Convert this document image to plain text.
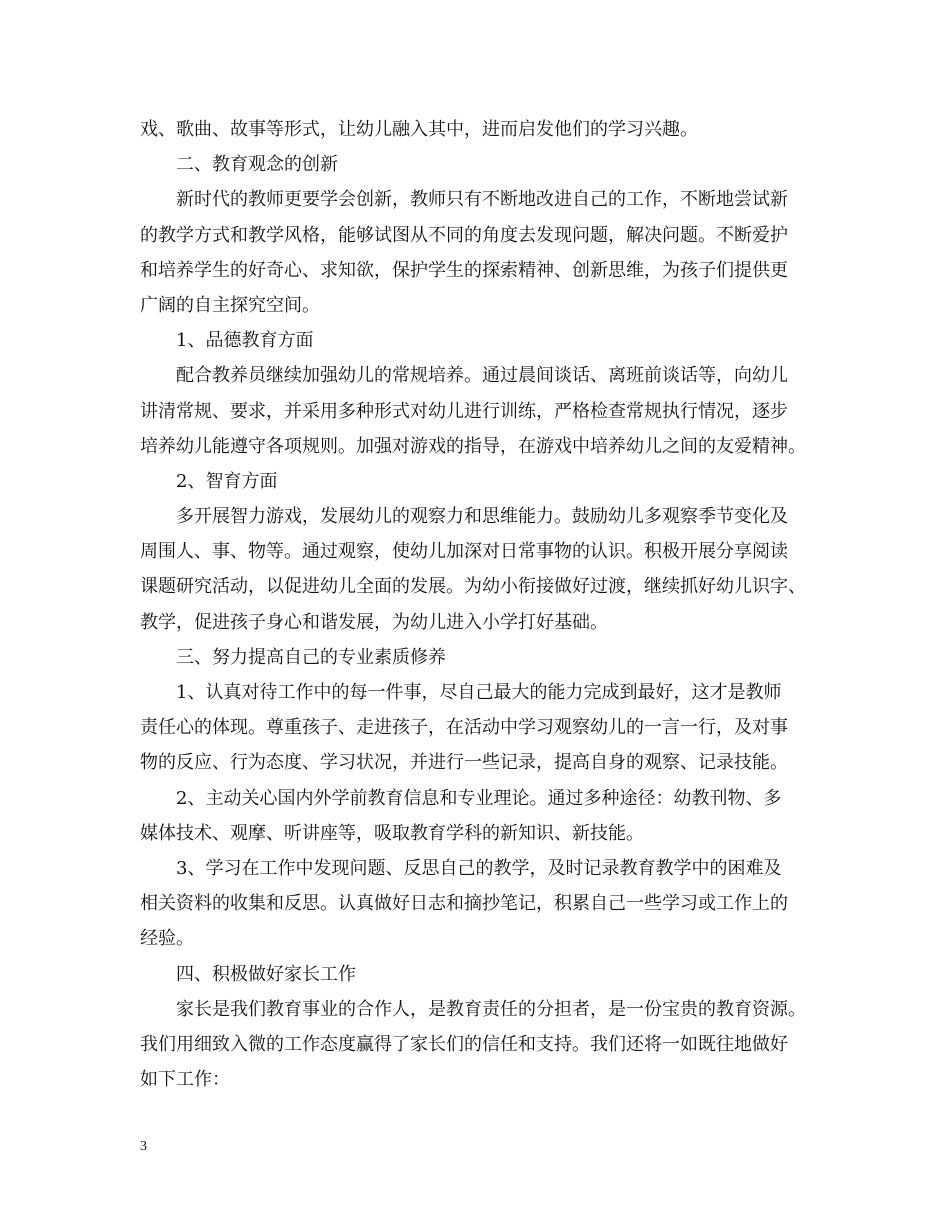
戏、歌曲、故事等形式，让幼儿融入其中，进而启发他们的学习兴趣。
二、教育观念的创新
新时代的教师更要学会创新，教师只有不断地改进自己的工作，不断地尝试新
的教学方式和教学风格，能够试图从不同的角度去发现问题，解决问题。不断爱护
和培养学生的好奇心、求知欲，保护学生的探索精神、创新思维，为孩子们提供更
广阔的自主探究空间。
1、品德教育方面
配合教养员继续加强幼儿的常规培养。通过晨间谈话、离班前谈话等，向幼儿
讲清常规、要求，并采用多种形式对幼儿进行训练，严格检查常规执行情况，逐步
培养幼儿能遵守各项规则。加强对游戏的指导，在游戏中培养幼儿之间的友爱精神。
2、智育方面
多开展智力游戏，发展幼儿的观察力和思维能力。鼓励幼儿多观察季节变化及
周围人、事、物等。通过观察，使幼儿加深对日常事物的认识。积极开展分享阅读
课题研究活动，以促进幼儿全面的发展。为幼小衔接做好过渡，继续抓好幼儿识字、
教学，促进孩子身心和谐发展，为幼儿进入小学打好基础。
三、努力提高自己的专业素质修养
1、认真对待工作中的每一件事，尽自己最大的能力完成到最好，这才是教师
责任心的体现。尊重孩子、走进孩子，在活动中学习观察幼儿的一言一行，及对事
物的反应、行为态度、学习状况，并进行一些记录，提高自身的观察、记录技能。
2、主动关心国内外学前教育信息和专业理论。通过多种途径：幼教刊物、多
媒体技术、观摩、听讲座等，吸取教育学科的新知识、新技能。
3、学习在工作中发现问题、反思自己的教学，及时记录教育教学中的困难及
相关资料的收集和反思。认真做好日志和摘抄笔记，积累自己一些学习或工作上的
经验。
四、积极做好家长工作
家长是我们教育事业的合作人，是教育责任的分担者，是一份宝贵的教育资源。
我们用细致入微的工作态度赢得了家长们的信任和支持。我们还将一如既往地做好
如下工作：
3
